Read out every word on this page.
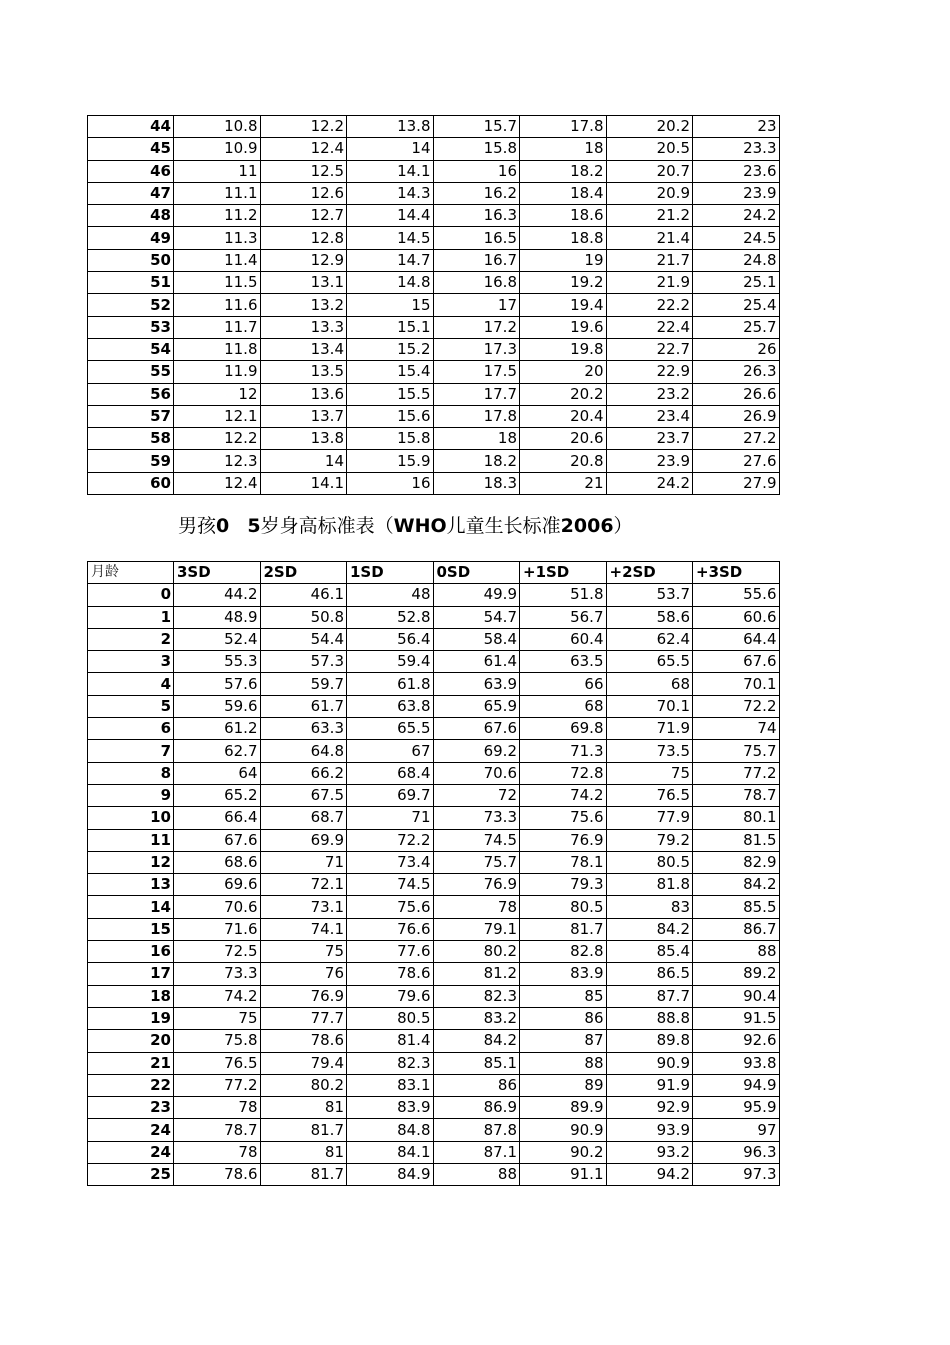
44	10.8	12.2	13.8	15.7	17.8	20.2	23
45	10.9	12.4	14	15.8	18	20.5	23.3
46	11	12.5	14.1	16	18.2	20.7	23.6
47	11.1	12.6	14.3	16.2	18.4	20.9	23.9
48	11.2	12.7	14.4	16.3	18.6	21.2	24.2
49	11.3	12.8	14.5	16.5	18.8	21.4	24.5
50	11.4	12.9	14.7	16.7	19	21.7	24.8
51	11.5	13.1	14.8	16.8	19.2	21.9	25.1
52	11.6	13.2	15	17	19.4	22.2	25.4
53	11.7	13.3	15.1	17.2	19.6	22.4	25.7
54	11.8	13.4	15.2	17.3	19.8	22.7	26
55	11.9	13.5	15.4	17.5	20	22.9	26.3
56	12	13.6	15.5	17.7	20.2	23.2	26.6
57	12.1	13.7	15.6	17.8	20.4	23.4	26.9
58	12.2	13.8	15.8	18	20.6	23.7	27.2
59	12.3	14	15.9	18.2	20.8	23.9	27.6
60	12.4	14.1	16	18.3	21	24.2	27.9
男孩0 5岁身高标准表（WHO儿童生长标准2006）
月龄	3SD	2SD	1SD	0SD	+1SD	+2SD	+3SD
0	44.2	46.1	48	49.9	51.8	53.7	55.6
1	48.9	50.8	52.8	54.7	56.7	58.6	60.6
2	52.4	54.4	56.4	58.4	60.4	62.4	64.4
3	55.3	57.3	59.4	61.4	63.5	65.5	67.6
4	57.6	59.7	61.8	63.9	66	68	70.1
5	59.6	61.7	63.8	65.9	68	70.1	72.2
6	61.2	63.3	65.5	67.6	69.8	71.9	74
7	62.7	64.8	67	69.2	71.3	73.5	75.7
8	64	66.2	68.4	70.6	72.8	75	77.2
9	65.2	67.5	69.7	72	74.2	76.5	78.7
10	66.4	68.7	71	73.3	75.6	77.9	80.1
11	67.6	69.9	72.2	74.5	76.9	79.2	81.5
12	68.6	71	73.4	75.7	78.1	80.5	82.9
13	69.6	72.1	74.5	76.9	79.3	81.8	84.2
14	70.6	73.1	75.6	78	80.5	83	85.5
15	71.6	74.1	76.6	79.1	81.7	84.2	86.7
16	72.5	75	77.6	80.2	82.8	85.4	88
17	73.3	76	78.6	81.2	83.9	86.5	89.2
18	74.2	76.9	79.6	82.3	85	87.7	90.4
19	75	77.7	80.5	83.2	86	88.8	91.5
20	75.8	78.6	81.4	84.2	87	89.8	92.6
21	76.5	79.4	82.3	85.1	88	90.9	93.8
22	77.2	80.2	83.1	86	89	91.9	94.9
23	78	81	83.9	86.9	89.9	92.9	95.9
24	78.7	81.7	84.8	87.8	90.9	93.9	97
24	78	81	84.1	87.1	90.2	93.2	96.3
25	78.6	81.7	84.9	88	91.1	94.2	97.3
